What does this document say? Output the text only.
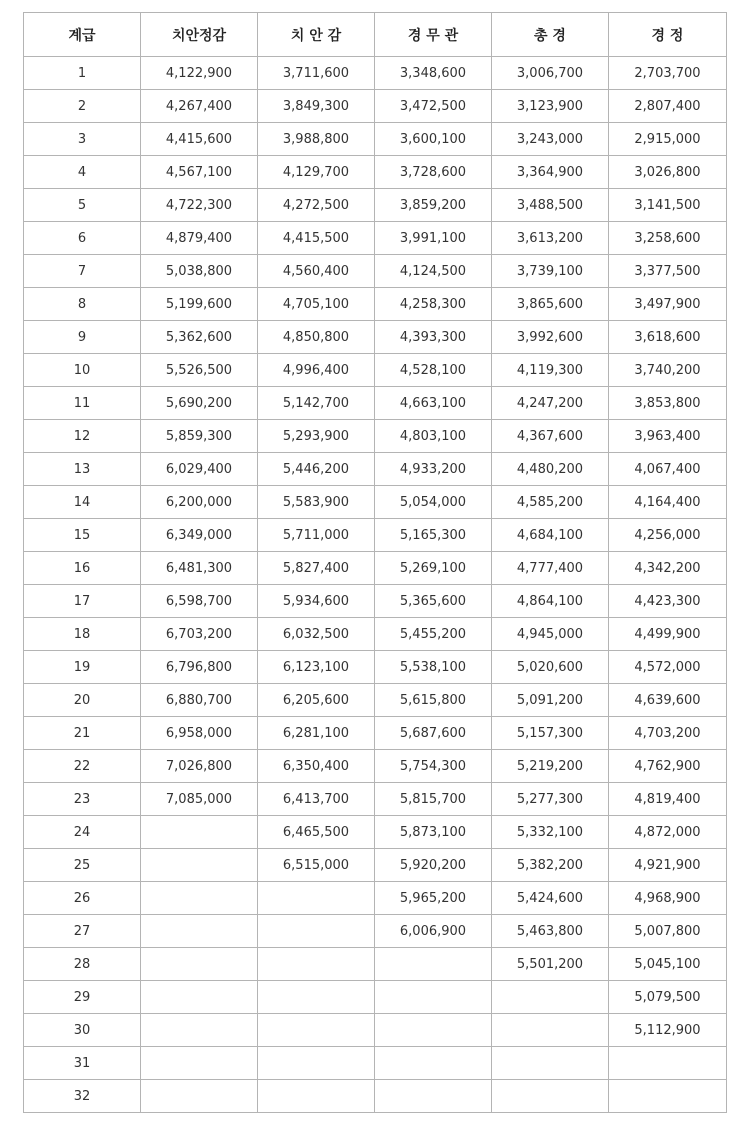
계급	치안정감	치 안 감	경 무 관	총 경	경 정
1	4,122,900	3,711,600	3,348,600	3,006,700	2,703,700
2	4,267,400	3,849,300	3,472,500	3,123,900	2,807,400
3	4,415,600	3,988,800	3,600,100	3,243,000	2,915,000
4	4,567,100	4,129,700	3,728,600	3,364,900	3,026,800
5	4,722,300	4,272,500	3,859,200	3,488,500	3,141,500
6	4,879,400	4,415,500	3,991,100	3,613,200	3,258,600
7	5,038,800	4,560,400	4,124,500	3,739,100	3,377,500
8	5,199,600	4,705,100	4,258,300	3,865,600	3,497,900
9	5,362,600	4,850,800	4,393,300	3,992,600	3,618,600
10	5,526,500	4,996,400	4,528,100	4,119,300	3,740,200
11	5,690,200	5,142,700	4,663,100	4,247,200	3,853,800
12	5,859,300	5,293,900	4,803,100	4,367,600	3,963,400
13	6,029,400	5,446,200	4,933,200	4,480,200	4,067,400
14	6,200,000	5,583,900	5,054,000	4,585,200	4,164,400
15	6,349,000	5,711,000	5,165,300	4,684,100	4,256,000
16	6,481,300	5,827,400	5,269,100	4,777,400	4,342,200
17	6,598,700	5,934,600	5,365,600	4,864,100	4,423,300
18	6,703,200	6,032,500	5,455,200	4,945,000	4,499,900
19	6,796,800	6,123,100	5,538,100	5,020,600	4,572,000
20	6,880,700	6,205,600	5,615,800	5,091,200	4,639,600
21	6,958,000	6,281,100	5,687,600	5,157,300	4,703,200
22	7,026,800	6,350,400	5,754,300	5,219,200	4,762,900
23	7,085,000	6,413,700	5,815,700	5,277,300	4,819,400
24		6,465,500	5,873,100	5,332,100	4,872,000
25		6,515,000	5,920,200	5,382,200	4,921,900
26			5,965,200	5,424,600	4,968,900
27			6,006,900	5,463,800	5,007,800
28				5,501,200	5,045,100
29					5,079,500
30					5,112,900
31					
32					
